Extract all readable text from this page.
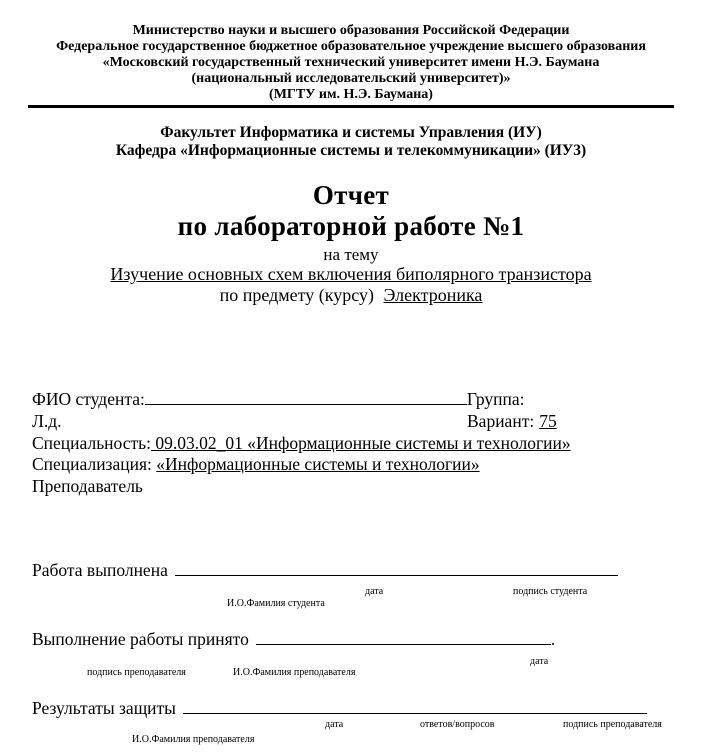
Министерство науки и высшего образования Российской Федерации
Федеральное государственное бюджетное образовательное учреждение высшего образования
«Московский государственный технический университет имени Н.Э. Баумана
(национальный исследовательский университет)»
(МГТУ им. Н.Э. Баумана)
Факультет Информатика и системы Управления (ИУ)
Кафедра «Информационные системы и телекоммуникации» (ИУ3)
Отчет
по лабораторной работе №1
на тему
Изучение основных схем включения биполярного транзистора
по предмету (курсу) Электроника
ФИО студента:	Группа:
Л.д.	Вариант: 75
Специальность: 09.03.02_01 «Информационные системы и технологии»
Специализация: «Информационные системы и технологии»
Преподаватель
Работа выполнена
дата	подпись студента
И.О.Фамилия студента
Выполнение работы принято	.
дата
подпись преподавателя	И.О.Фамилия преподавателя
Результаты защиты
дата	ответов/вопросов	подпись преподавателя
И.О.Фамилия преподавателя
